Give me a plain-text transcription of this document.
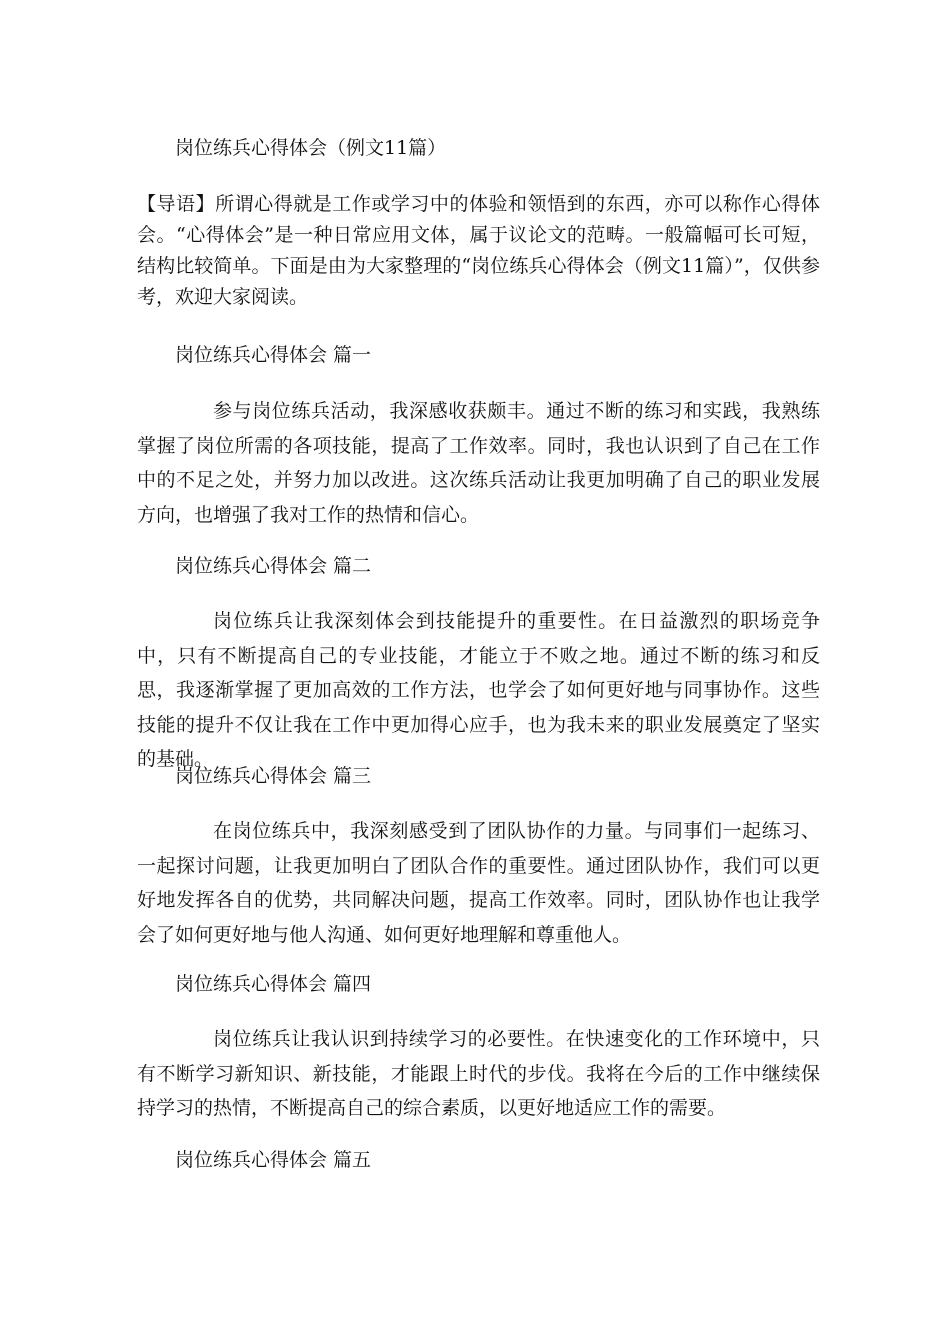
岗位练兵心得体会（例文11篇）

【导语】所谓心得就是工作或学习中的体验和领悟到的东西，亦可以称作心得体会。“心得体会”是一种日常应用文体，属于议论文的范畴。一般篇幅可长可短，结构比较简单。下面是由为大家整理的“岗位练兵心得体会（例文11篇）”，仅供参考，欢迎大家阅读。

岗位练兵心得体会 篇一

参与岗位练兵活动，我深感收获颇丰。通过不断的练习和实践，我熟练掌握了岗位所需的各项技能，提高了工作效率。同时，我也认识到了自己在工作中的不足之处，并努力加以改进。这次练兵活动让我更加明确了自己的职业发展方向，也增强了我对工作的热情和信心。

岗位练兵心得体会 篇二

岗位练兵让我深刻体会到技能提升的重要性。在日益激烈的职场竞争中，只有不断提高自己的专业技能，才能立于不败之地。通过不断的练习和反思，我逐渐掌握了更加高效的工作方法，也学会了如何更好地与同事协作。这些技能的提升不仅让我在工作中更加得心应手，也为我未来的职业发展奠定了坚实的基础。

岗位练兵心得体会 篇三

在岗位练兵中，我深刻感受到了团队协作的力量。与同事们一起练习、一起探讨问题，让我更加明白了团队合作的重要性。通过团队协作，我们可以更好地发挥各自的优势，共同解决问题，提高工作效率。同时，团队协作也让我学会了如何更好地与他人沟通、如何更好地理解和尊重他人。

岗位练兵心得体会 篇四

岗位练兵让我认识到持续学习的必要性。在快速变化的工作环境中，只有不断学习新知识、新技能，才能跟上时代的步伐。我将在今后的工作中继续保持学习的热情，不断提高自己的综合素质，以更好地适应工作的需要。

岗位练兵心得体会 篇五
